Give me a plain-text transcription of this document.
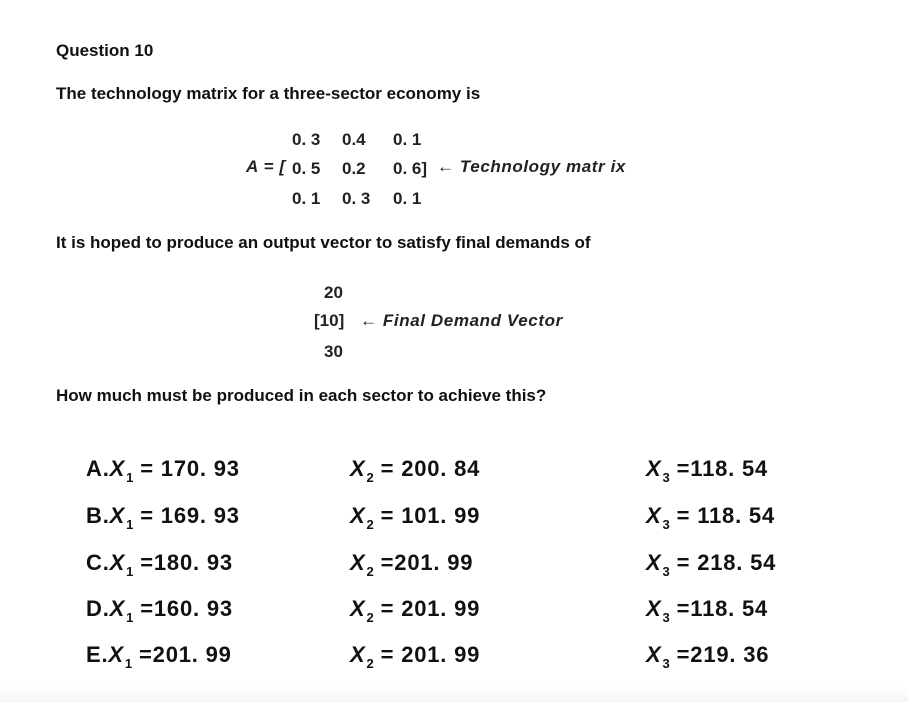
Question 10
The technology matrix for a three-sector economy is
0. 3 0.4 0. 1
A = [ 0. 5 0.2 0. 6] ← Technology matr ix
0. 1 0. 3 0. 1
It is hoped to produce an output vector to satisfy final demands of
20
[10] ← Final Demand Vector
30
How much must be produced in each sector to achieve this?
$A.X_1 = 170$. 93	$X_2 = 200$. 84	$X_3 =118$. 54
$B.X_1 = 169$. 93	$X_2 = 101$. 99	$X_3 = 118$. 54
$C.X_1 =180$. 93	$X_2 =201$. 99	$X_3 = 218$. 54
$D.X_1 =160$. 93	$X_2 = 201$. 99	$X_3 =118$. 54
$E.X_1 =201$. 99	$X_2 = 201$. 99	$X_3 =219$. 36
